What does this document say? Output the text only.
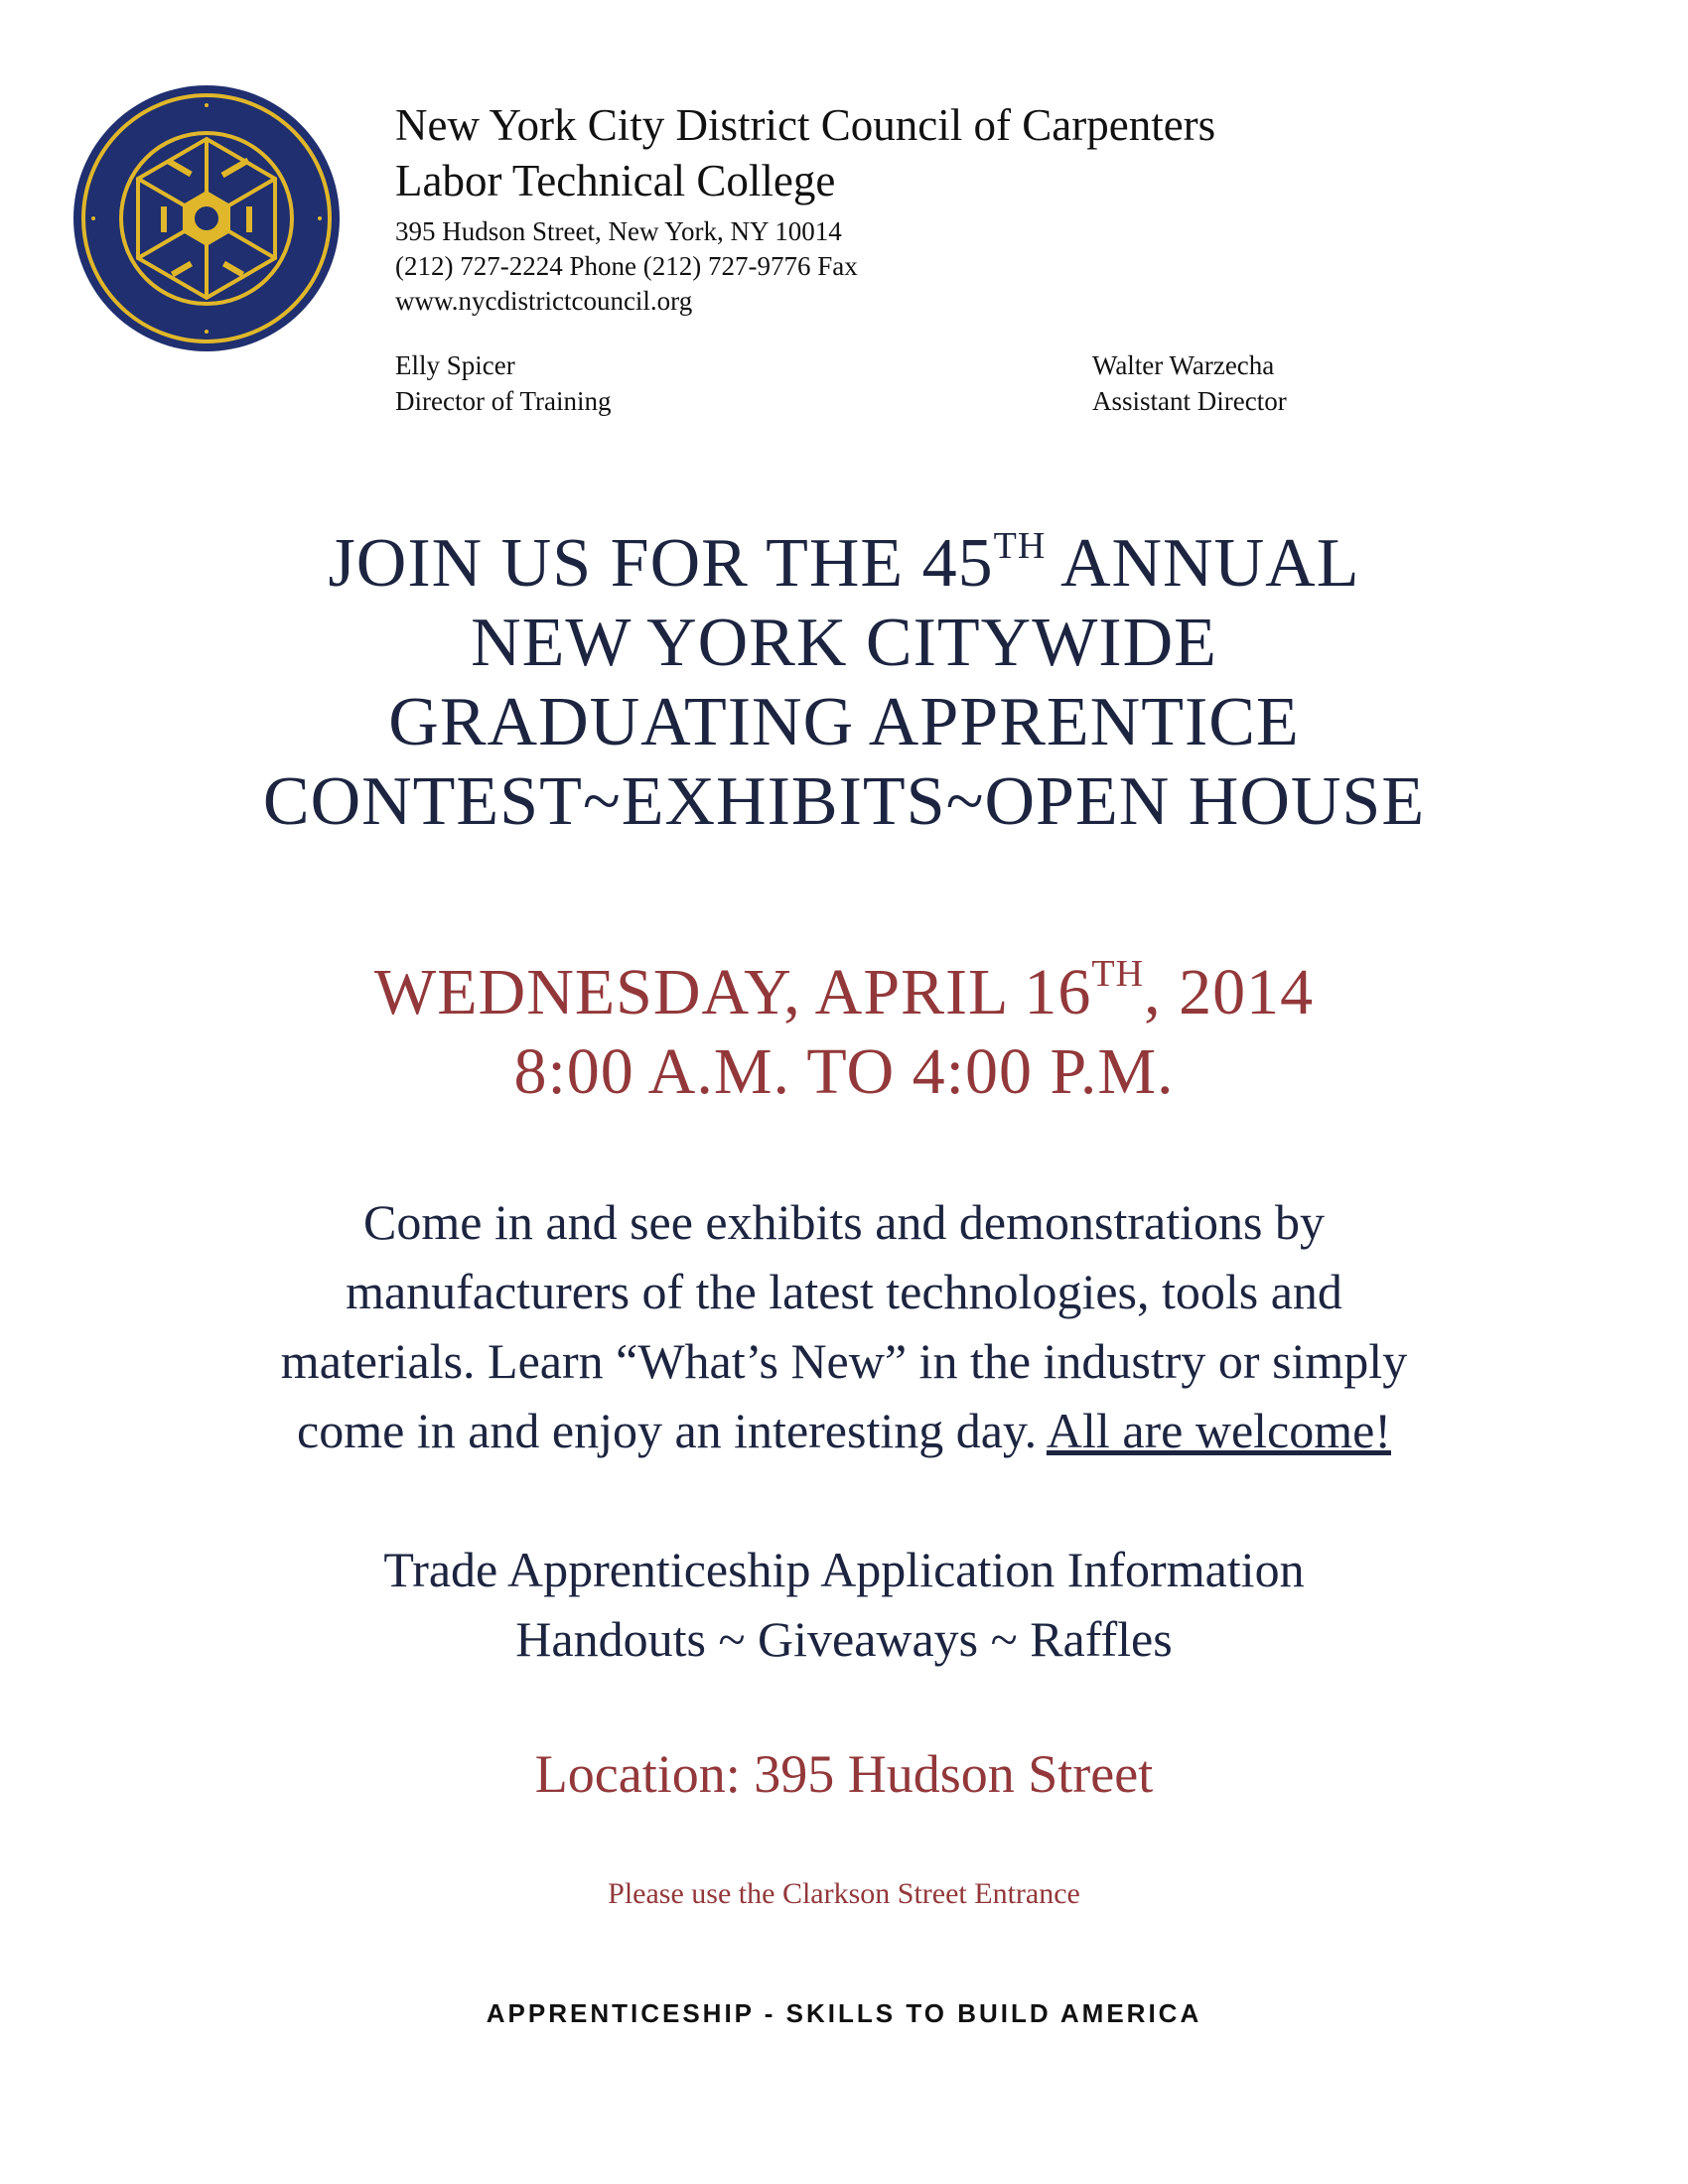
New York City District Council of Carpenters

Labor Technical College

395 Hudson Street, New York, NY 10014

(212) 727-2224 Phone (212) 727-9776 Fax

www.nycdistrictcouncil.org

Elly Spicer
Director of Training
Walter Warzecha
Assistant Director
JOIN US FOR THE 45TH ANNUAL
NEW YORK CITYWIDE
GRADUATING APPRENTICE
CONTEST~EXHIBITS~OPEN HOUSE
WEDNESDAY, APRIL 16TH, 2014
8:00 A.M. TO 4:00 P.M.
Come in and see exhibits and demonstrations by
manufacturers of the latest technologies, tools and
materials. Learn “What’s New” in the industry or simply
come in and enjoy an interesting day. All are welcome!
Trade Apprenticeship Application Information
Handouts ~ Giveaways ~ Raffles
Location: 395 Hudson Street
Please use the Clarkson Street Entrance
APPRENTICESHIP - SKILLS TO BUILD AMERICA
